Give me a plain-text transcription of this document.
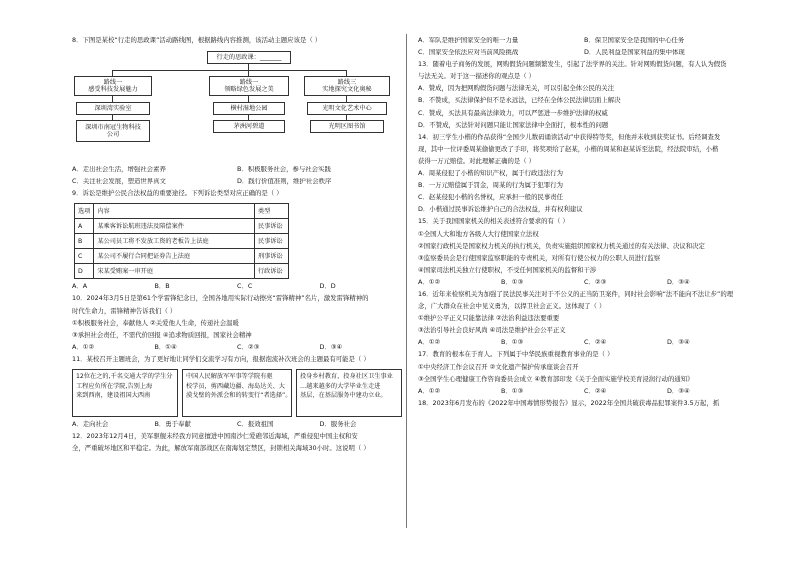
8．下图是某校“行走的思政课”活动路线图，根据路线内容推测，该活动主题应该是（ ）
行走的思政课：_______
路线一
感受科技发展魅力
深圳湾实验室
深圳市南冠生物科技公司
路线一
领略绿色发展之美
横村湿地公园
茅洲河碧道
路线三
实地探究文化奥秘
光明文化艺术中心
光明区图书馆
A．走出社会生活，增强社会素养	B．积极服务社会，参与社会实践
C．关注社会发展，塑造世界真文	D．践行价值准则，维护社会秩序
9．诉讼是维护公民合法权益的重要途径。下列诉讼类型对应正确的是（ ）
选项	内容	类型
A	某乘客诉讼航班违法及陪偿案件	民事诉讼
B	某公司员工将不发放工资的老板告上法庭	民事诉讼
C	某公司不履行合同把证券告上法庭	刑事诉讼
D	宋某受贿案一审开庭	行政诉讼
A．A	B．B	C．C	D．D
10．2024年3月5日是第61个学雷锋纪念日，全国各地用实际行动擦亮“雷锋精神”名片，激发雷锋精神的
时代生命力，雷锋精神告诉我们（ ）
①积极服务社会，奉献他人 ②关爱他人生命，传递社会温暖
③承担社会责任，不需代价回报 ④追求物质回报，国家社会精神
A．①②	B．①④	C．②③	D．③④
11．某校召开主题班会，为了更好地让同学们交流学习有方向，报据泡流补次班会的主题最有可能是（ ）
12位在之的,千名交通大学的学生分
工程应负所在学院,告别上海
来到西南，建设祖国大西南
中国人民解放军军事等学院有驱
校学员，剪西藏边疆、海岛达关、大
漠戈壁的外派会和的转变行“者选择”。
投身乡村教育，投身社区卫生事业
…越来越多的大学毕业生走进
基层，在基层服务中建功立业。
A．走向社会	B．勇于奉献	C．报效祖国	D．服务社会
12．2023年12月4日，美军驱舰未经我方同意擅进中国南沙仁爱礁邻近海域，严重侵犯中国主权和安
全，严重破坏地区和平稳定。为此，解放军南部战区在南海划定禁区，封锁相关海域30小时。这说明（ ）
A．军队是维护国家安全的唯一力量	B．保卫国家安全是我国的中心任务
C．国家安全依法应对当前风险挑战	D．人民利益是国家利益的集中体现
13．随着电子商务的发展，网购假货问题频繁发生，引起了法学界的关注。针对网购假货问题，有人认为假货
与法无关。对于这一描述你的观点是（ ）
A．赞成，因为把网购假货问题与法律无关，可以引起全体公民的关注
B．不赞成，买法律保护但不是永远法，已经在全体公民法律层面上解决
C．赞成，买法具有最高法律效力，可以严惩进一步维护法律的权威
D．不赞成，买法针对问题只能让国家法律中全面打，根本性的问题
14．初三学生小楷的作品获得“全国少儿数码诵读活动”中获得特等奖，但他并未收到获奖证书。后经调查发
现，其中一位评委周某偷偷更改了手印，将奖项给了赵某，小楷的周某和赵某诉至法院，经法院审结，小楷
获得一万元赔偿。对此理解正确的是（ ）
A．周某侵犯了小楷的知识产权，属于行政违法行为
B．一万元赔偿属于罚金，周某的行为属于犯罪行为
C．赵某侵犯小楷的名誉权，应承担一般的民事责任
D．小楷通过民事诉讼维护自己的合法权益，并有权利建议
15．关于我国国家机关的相关表述符合要求的有（ ）
①全国人大和地方各级人大行使国家立法权
②国家行政机关是国家权力机关的执行机关，负责实施组织国家权力机关通过的有关法律、决议和决定
③监察委员会是行使国家监察职能的专责机关，对所有行使公权力的公职人员进行监察
④国家司法机关独立行使职权，不受任何国家机关的监督和干涉
A．①②	B．①③	C．②③	D．③④
16．近年来检察机关为加强了民法民事关注对于不公义的正当防卫案件，同时社会影响“法不能向不法让步”的理
念，广大群众在社会中见义勇为，以捍卫社会正义。这体现了（ ）
①维护公平正义只能靠法律 ②法治利益违法要重要
③法治引导社会良好风尚 ④司法是维护社会公平正义
A．①②	B．①③	C．②④	D．③④
17．教育的根本在于育人。下列属于中华民族重视教育事业的是（ ）
①中央经济工作会议召开 ②文化遗产保护传承座谈会召开
③全国学生心理健康工作咨询委员会成立 ④教育部印发《关于全面实施学校美育浸润行动的通知》
A．①②	B．①③	C．②④	D．③④
18．2023年6月发布的《2022年中国毒情形势报告》显示，2022年全国共破获毒品犯罪案件3.5万起，抓
